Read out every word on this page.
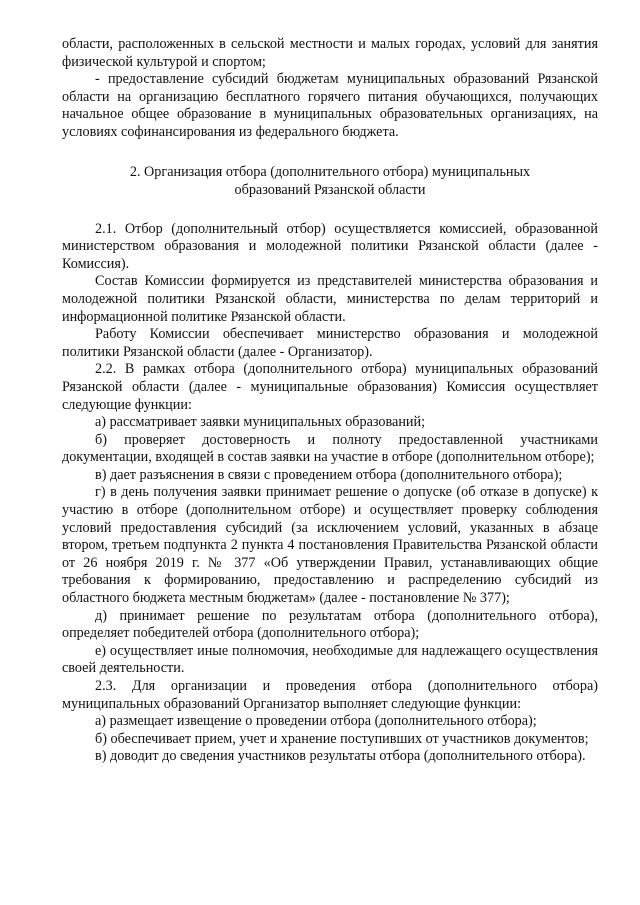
области, расположенных в сельской местности и малых городах, условий для занятия физической культурой и спортом;

- предоставление субсидий бюджетам муниципальных образований Рязанской области на организацию бесплатного горячего питания обучающихся, получающих начальное общее образование в муниципальных образовательных организациях, на условиях софинансирования из федерального бюджета.

2. Организация отбора (дополнительного отбора) муниципальных
образований Рязанской области

2.1. Отбор (дополнительный отбор) осуществляется комиссией, образованной министерством образования и молодежной политики Рязанской области (далее - Комиссия).

Состав Комиссии формируется из представителей министерства образования и молодежной политики Рязанской области, министерства по делам территорий и информационной политике Рязанской области.

Работу Комиссии обеспечивает министерство образования и молодежной политики Рязанской области (далее - Организатор).

2.2. В рамках отбора (дополнительного отбора) муниципальных образований Рязанской области (далее - муниципальные образования) Комиссия осуществляет следующие функции:

а) рассматривает заявки муниципальных образований;

б) проверяет достоверность и полноту предоставленной участниками документации, входящей в состав заявки на участие в отборе (дополнительном отборе);

в) дает разъяснения в связи с проведением отбора (дополнительного отбора);

г) в день получения заявки принимает решение о допуске (об отказе в допуске) к участию в отборе (дополнительном отборе) и осуществляет проверку соблюдения условий предоставления субсидий (за исключением условий, указанных в абзаце втором, третьем подпункта 2 пункта 4 постановления Правительства Рязанской области от 26 ноября 2019 г. № 377 «Об утверждении Правил, устанавливающих общие требования к формированию, предоставлению и распределению субсидий из областного бюджета местным бюджетам» (далее - постановление № 377);

д) принимает решение по результатам отбора (дополнительного отбора), определяет победителей отбора (дополнительного отбора);

е) осуществляет иные полномочия, необходимые для надлежащего осуществления своей деятельности.

2.3. Для организации и проведения отбора (дополнительного отбора) муниципальных образований Организатор выполняет следующие функции:

а) размещает извещение о проведении отбора (дополнительного отбора);

б) обеспечивает прием, учет и хранение поступивших от участников документов;

в) доводит до сведения участников результаты отбора (дополнительного отбора).
